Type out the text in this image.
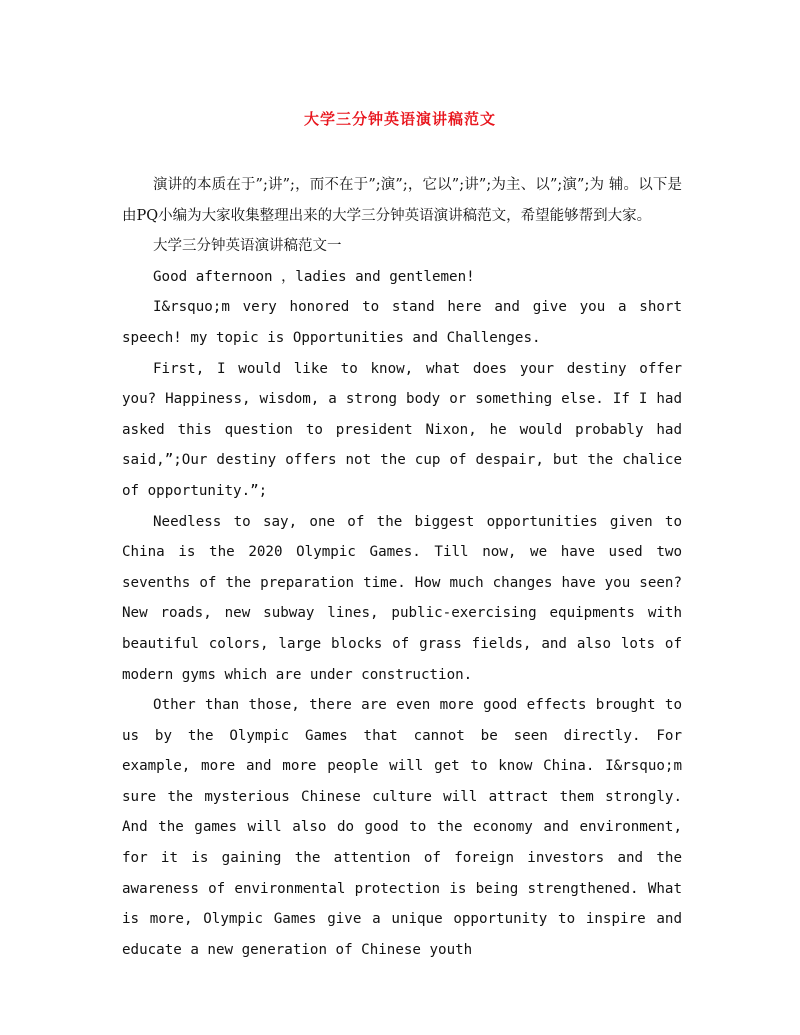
大学三分钟英语演讲稿范文

演讲的本质在于”;讲”;，而不在于”;演”;，它以”;讲”;为主、以”;演”;为 辅。以下是由PQ小编为大家收集整理出来的大学三分钟英语演讲稿范文，希望能够帮到大家。

大学三分钟英语演讲稿范文一

Good afternoon ，ladies and gentlemen!

I&rsquo;m very honored to stand here and give you a short speech! my topic is Opportunities and Challenges.

First, I would like to know, what does your destiny offer you? Happiness, wisdom, a strong body or something else. If I had asked this question to president Nixon, he would probably had said,”;Our destiny offers not the cup of despair, but the chalice of opportunity.”;

Needless to say, one of the biggest opportunities given to China is the 2020 Olympic Games. Till now, we have used two sevenths of the preparation time. How much changes have you seen? New roads, new subway lines, public-exercising equipments with beautiful colors, large blocks of grass fields, and also lots of modern gyms which are under construction.

Other than those, there are even more good effects brought to us by the Olympic Games that cannot be seen directly. For example, more and more people will get to know China. I&rsquo;m sure the mysterious Chinese culture will attract them strongly. And the games will also do good to the economy and environment, for it is gaining the attention of foreign investors and the awareness of environmental protection is being strengthened. What is more, Olympic Games give a unique opportunity to inspire and educate a new generation of Chinese youth
